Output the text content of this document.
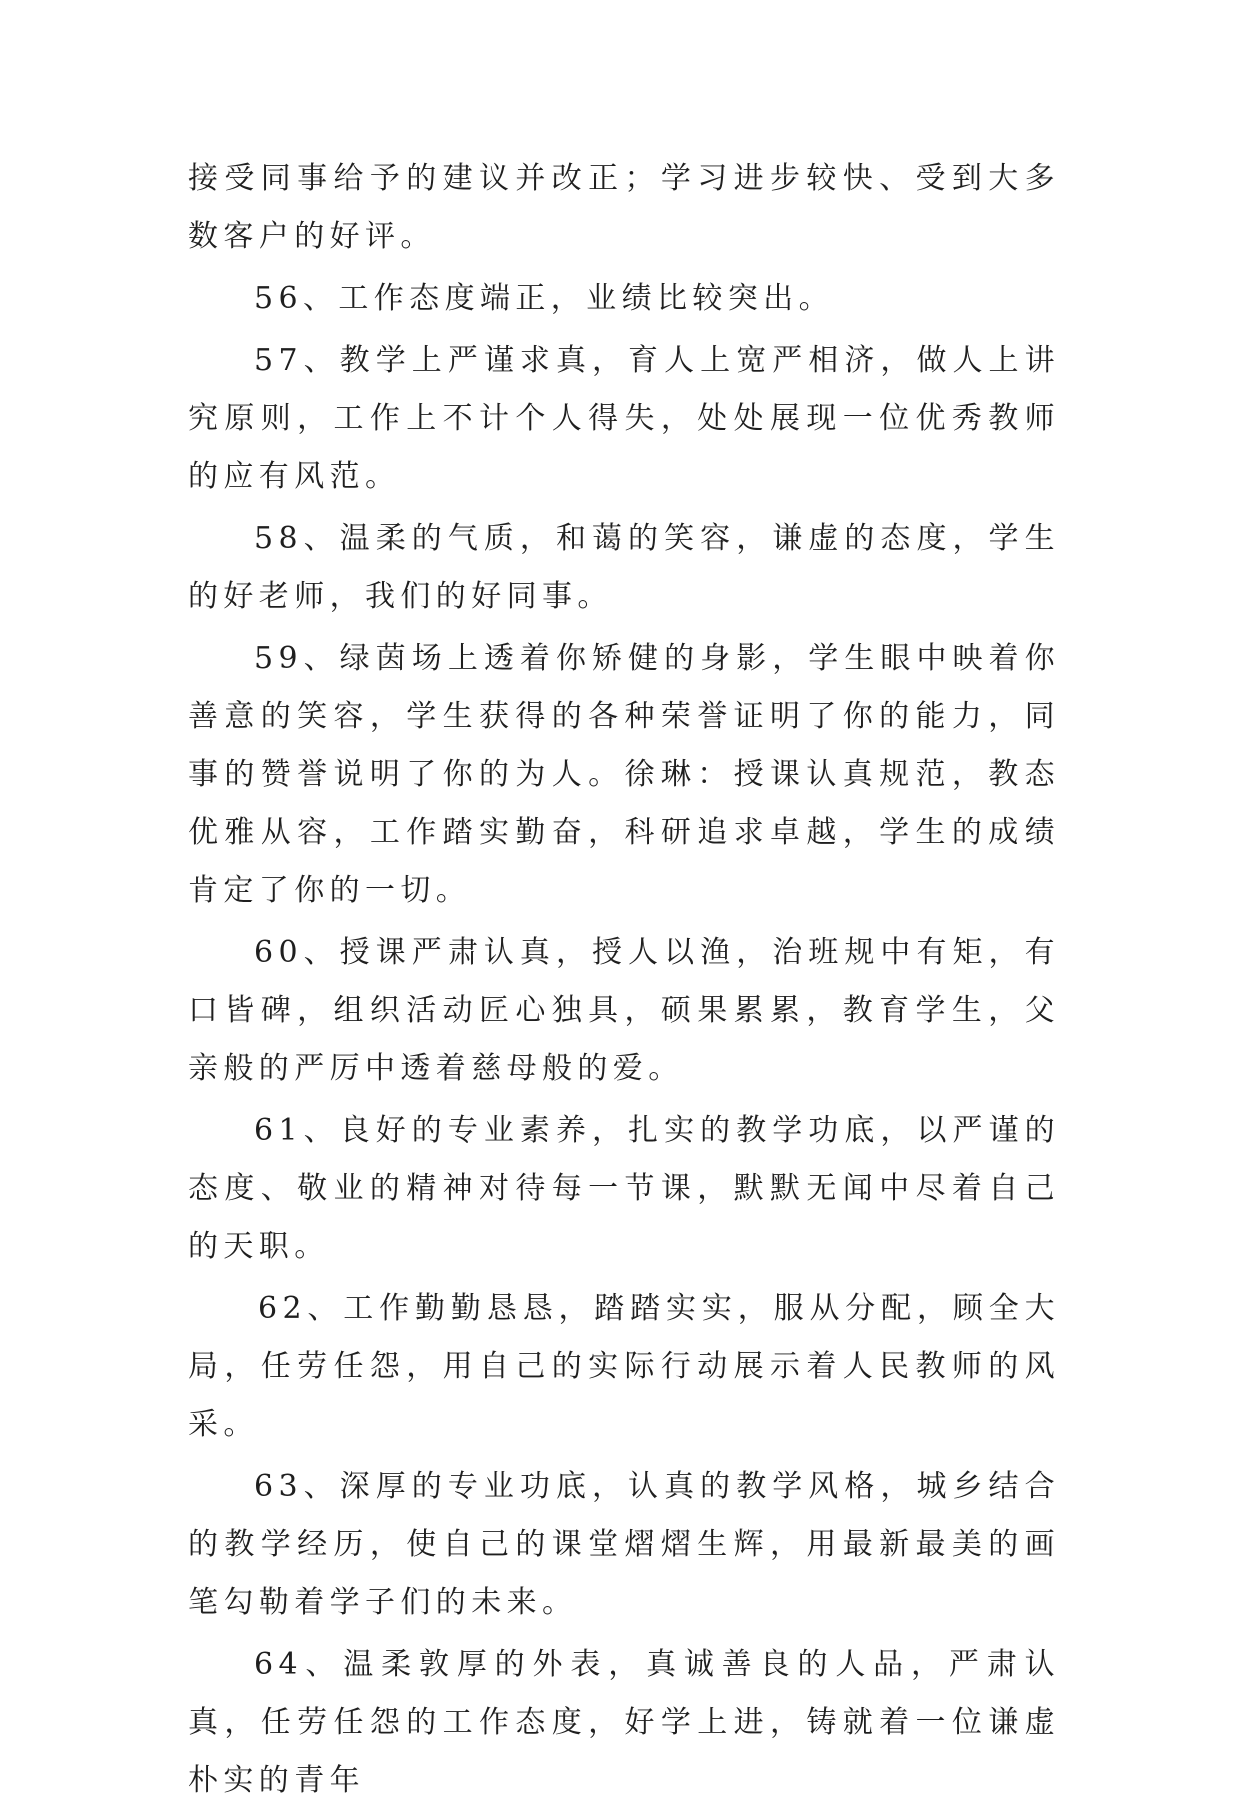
接受同事给予的建议并改正；学习进步较快、受到大多数客户的好评。

56、工作态度端正，业绩比较突出。

57、教学上严谨求真，育人上宽严相济，做人上讲究原则，工作上不计个人得失，处处展现一位优秀教师的应有风范。

58、温柔的气质，和蔼的笑容，谦虚的态度，学生的好老师，我们的好同事。

59、绿茵场上透着你矫健的身影，学生眼中映着你善意的笑容，学生获得的各种荣誉证明了你的能力，同事的赞誉说明了你的为人。徐琳：授课认真规范，教态优雅从容，工作踏实勤奋，科研追求卓越，学生的成绩肯定了你的一切。

60、授课严肃认真，授人以渔，治班规中有矩，有口皆碑，组织活动匠心独具，硕果累累，教育学生，父亲般的严厉中透着慈母般的爱。

61、良好的专业素养，扎实的教学功底，以严谨的态度、敬业的精神对待每一节课，默默无闻中尽着自己的天职。

62、工作勤勤恳恳，踏踏实实，服从分配，顾全大局，任劳任怨，用自己的实际行动展示着人民教师的风采。

63、深厚的专业功底，认真的教学风格，城乡结合的教学经历，使自己的课堂熠熠生辉，用最新最美的画笔勾勒着学子们的未来。

64、温柔敦厚的外表，真诚善良的人品，严肃认真，任劳任怨的工作态度，好学上进，铸就着一位谦虚朴实的青年
